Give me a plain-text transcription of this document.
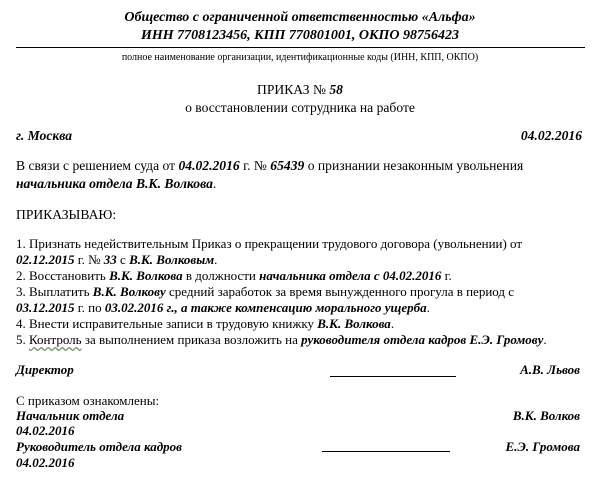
Общество с ограниченной ответственностью «Альфа»
ИНН 7708123456, КПП 770801001, ОКПО 98756423
полное наименование организации, идентификационные коды (ИНН, КПП, ОКПО)
ПРИКАЗ № 58
о восстановлении сотрудника на работе
г. Москва	04.02.2016
В связи с решением суда от 04.02.2016 г. № 65439 о признании незаконным увольнения
начальника отдела В.К. Волкова.
ПРИКАЗЫВАЮ:
1. Признать недействительным Приказ о прекращении трудового договора (увольнении) от
02.12.2015 г. № 33 с В.К. Волковым.
2. Восстановить В.К. Волкова в должности начальника отдела с 04.02.2016 г.
3. Выплатить В.К. Волкову средний заработок за время вынужденного прогула в период с
03.12.2015 г. по 03.02.2016 г., а также компенсацию морального ущерба.
4. Внести исправительные записи в трудовую книжку В.К. Волкова.
5. Контроль за выполнением приказа возложить на руководителя отдела кадров Е.Э. Громову.
Директор	А.В. Львов
С приказом ознакомлены:
Начальник отдела	В.К. Волков
04.02.2016
Руководитель отдела кадров	Е.Э. Громова
04.02.2016
